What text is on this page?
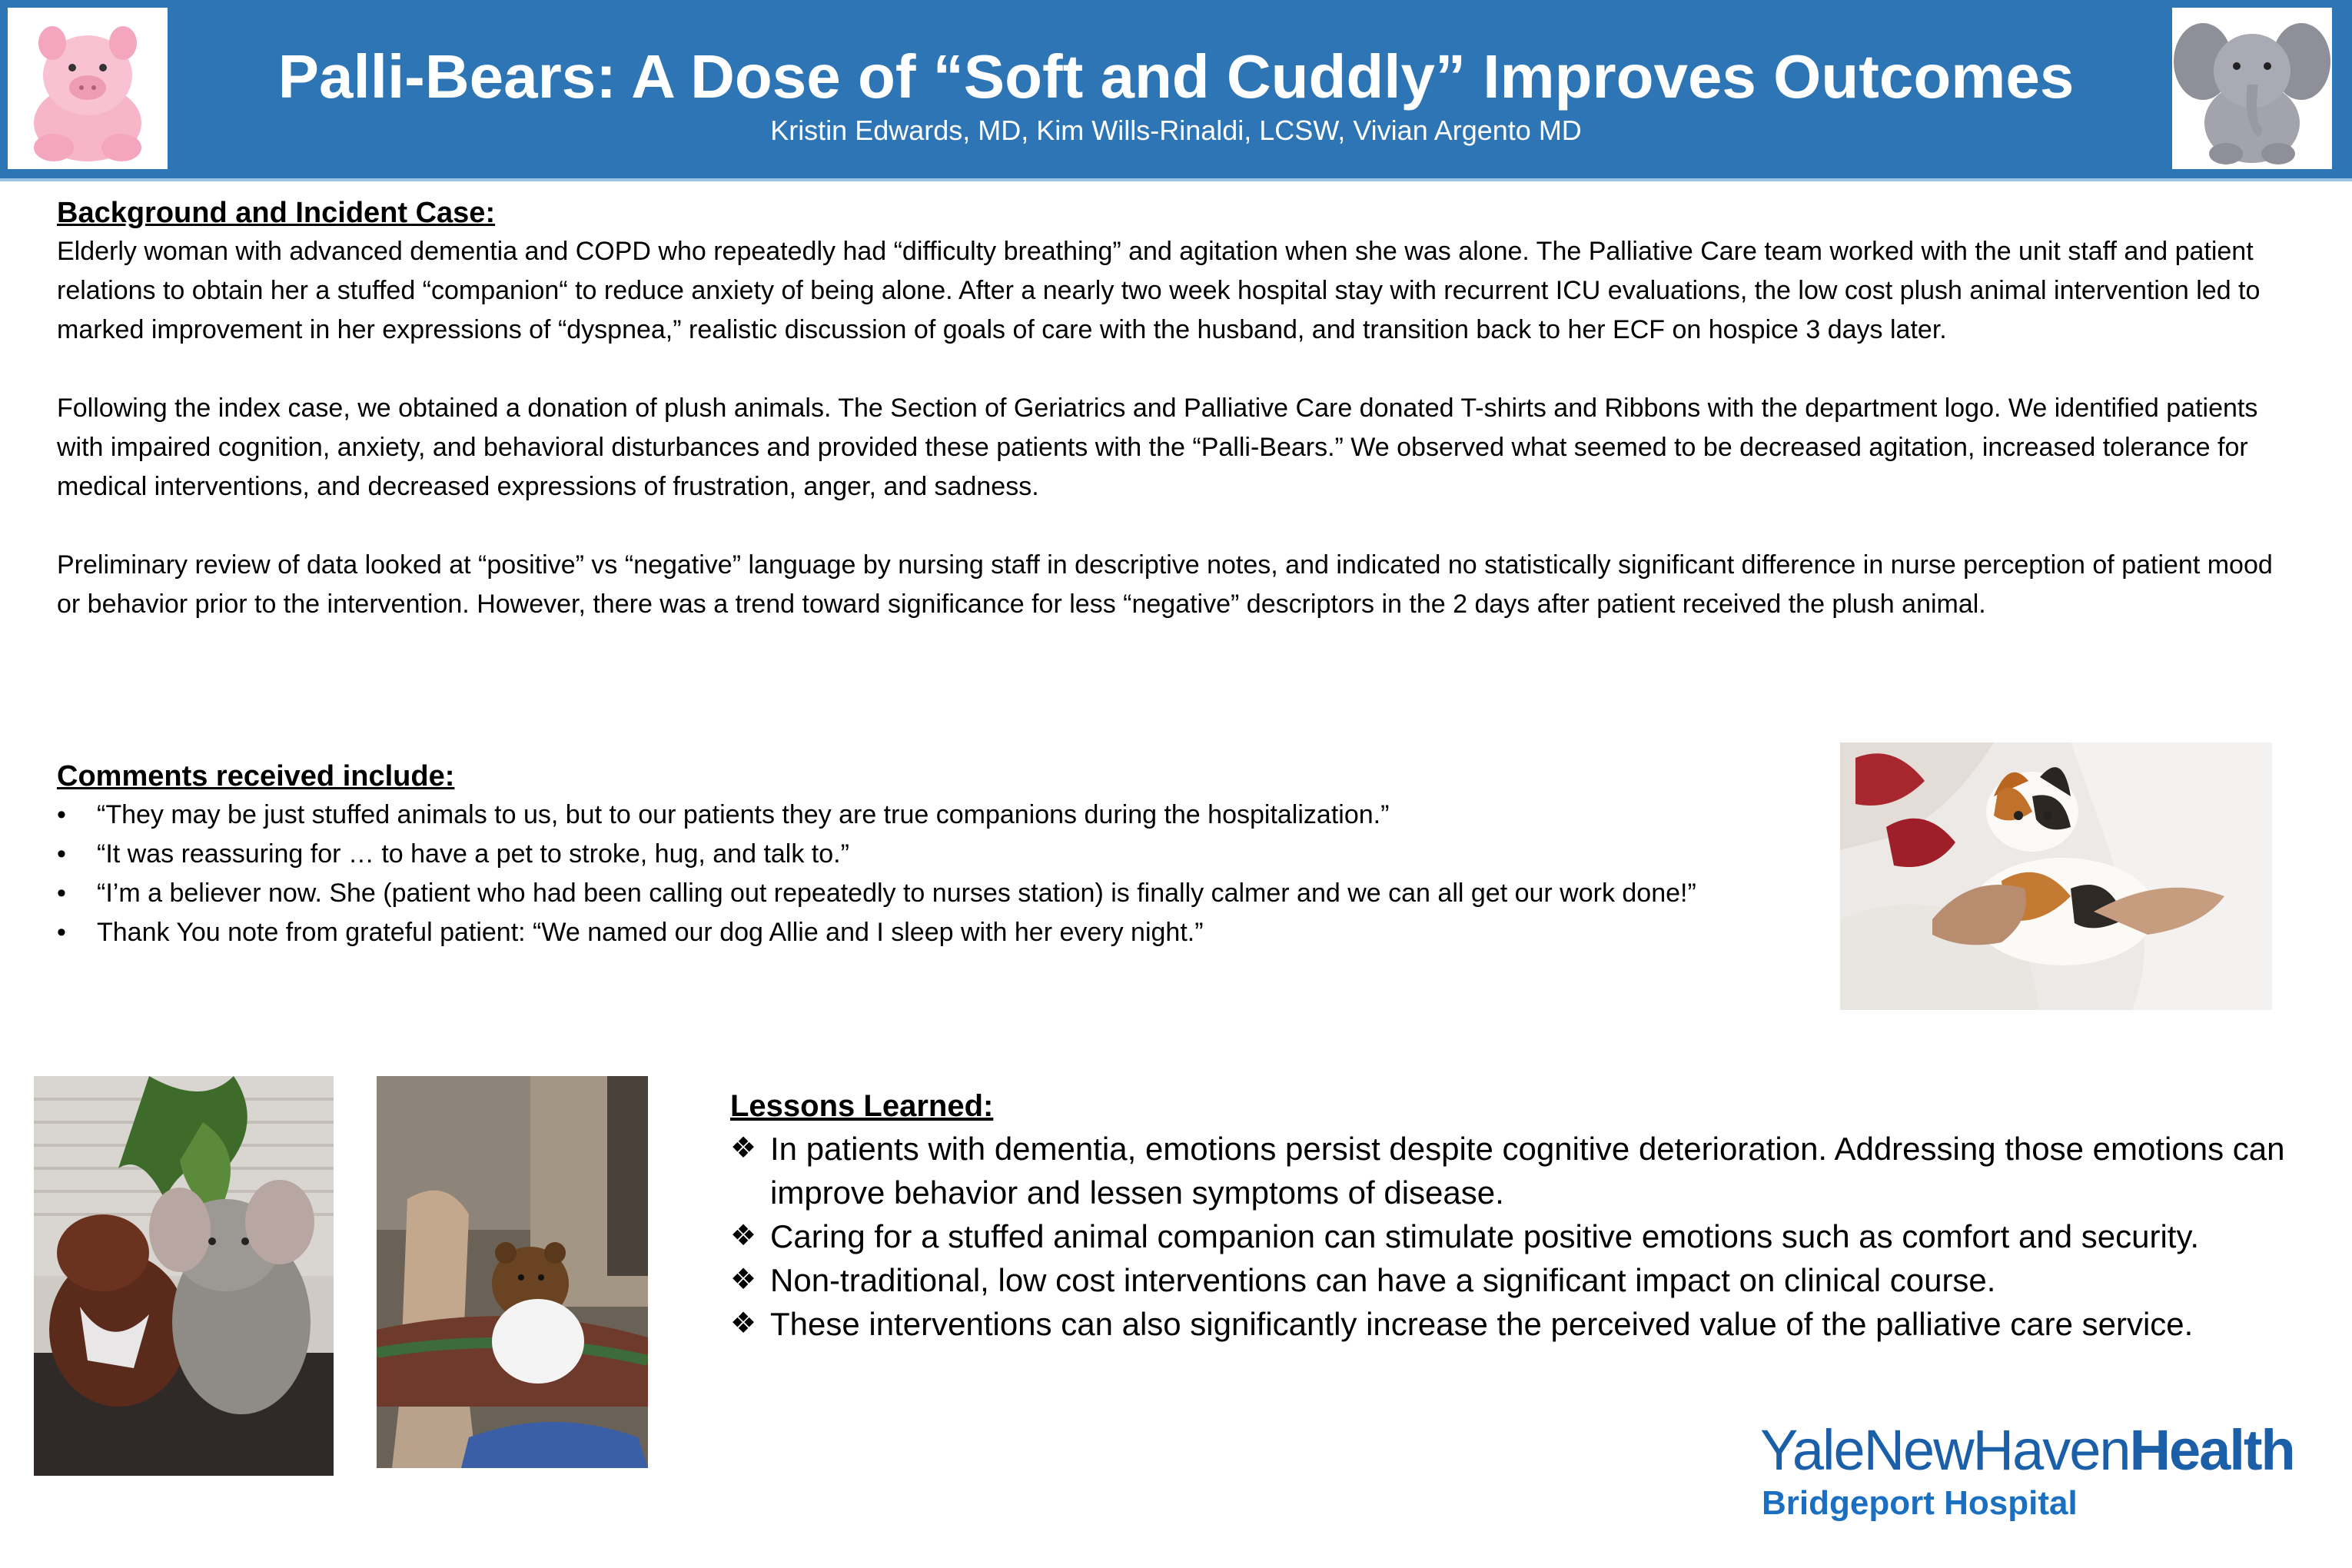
Palli-Bears: A Dose of “Soft and Cuddly” Improves Outcomes
Kristin Edwards, MD, Kim Wills-Rinaldi, LCSW, Vivian Argento MD
Background and Incident Case:

Elderly woman with advanced dementia and COPD who repeatedly had “difficulty breathing” and agitation when she was alone. The Palliative Care team worked with the unit staff and patient relations to obtain her a stuffed “companion“ to reduce anxiety of being alone. After a nearly two week hospital stay with recurrent ICU evaluations, the low cost plush animal intervention led to marked improvement in her expressions of “dyspnea,” realistic discussion of goals of care with the husband, and transition back to her ECF on hospice 3 days later.

Following the index case, we obtained a donation of plush animals. The Section of Geriatrics and Palliative Care donated T-shirts and Ribbons with the department logo. We identified patients with impaired cognition, anxiety, and behavioral disturbances and provided these patients with the “Palli-Bears.” We observed what seemed to be decreased agitation, increased tolerance for medical interventions, and decreased expressions of frustration, anger, and sadness.

Preliminary review of data looked at “positive” vs “negative” language by nursing staff in descriptive notes, and indicated no statistically significant difference in nurse perception of patient mood or behavior prior to the intervention. However, there was a trend toward significance for less “negative” descriptors in the 2 days after patient received the plush animal.

Comments received include:
• “They may be just stuffed animals to us, but to our patients they are true companions during the hospitalization.”
• “It was reassuring for … to have a pet to stroke, hug, and talk to.”
• “I’m a believer now. She (patient who had been calling out repeatedly to nurses station) is finally calmer and we can all get our work done!”
• Thank You note from grateful patient: “We named our dog Allie and I sleep with her every night.”
Lessons Learned:
❖ In patients with dementia, emotions persist despite cognitive deterioration. Addressing those emotions can improve behavior and lessen symptoms of disease.
❖ Caring for a stuffed animal companion can stimulate positive emotions such as comfort and security.
❖ Non-traditional, low cost interventions can have a significant impact on clinical course.
❖ These interventions can also significantly increase the perceived value of the palliative care service.
YaleNewHavenHealth
Bridgeport Hospital
